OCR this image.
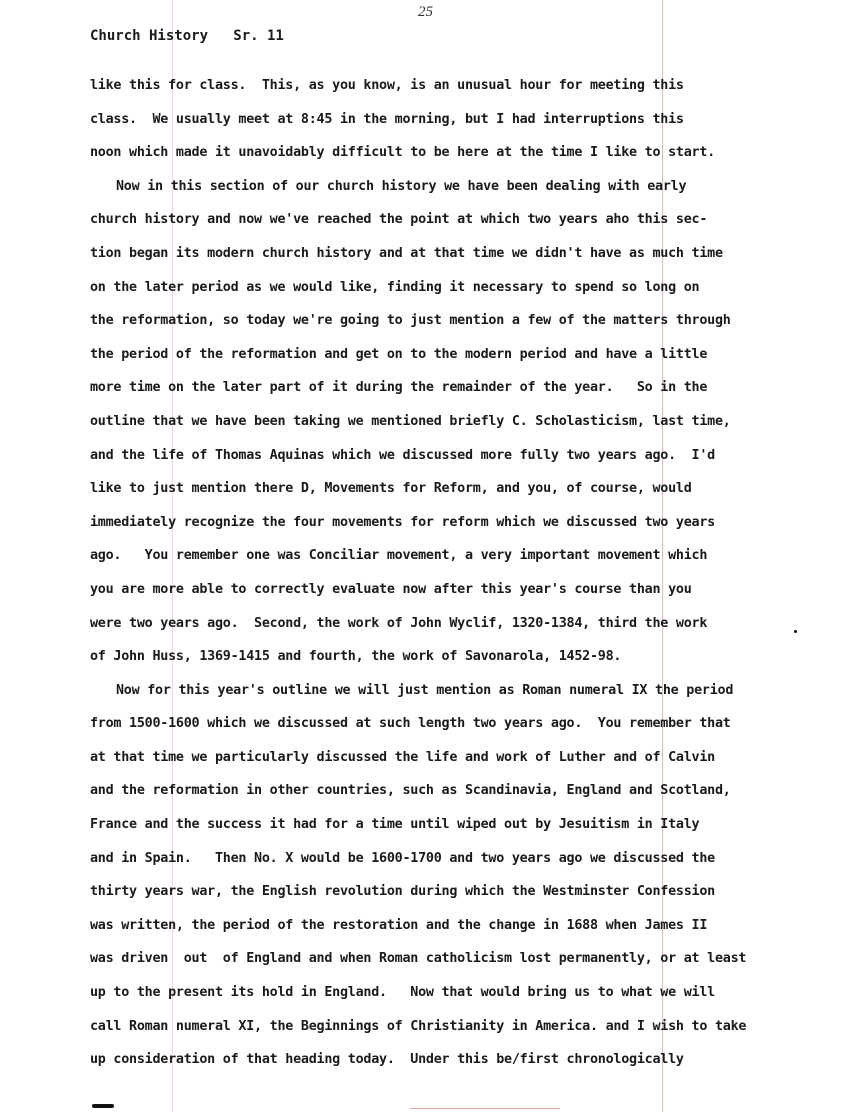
25
Church History   Sr. 11
like this for class.  This, as you know, is an unusual hour for meeting this
class.  We usually meet at 8:45 in the morning, but I had interruptions this
noon which made it unavoidably difficult to be here at the time I like to start.
Now in this section of our church history we have been dealing with early
church history and now we've reached the point at which two years aho this sec-
tion began its modern church history and at that time we didn't have as much time
on the later period as we would like, finding it necessary to spend so long on
the reformation, so today we're going to just mention a few of the matters through
the period of the reformation and get on to the modern period and have a little
more time on the later part of it during the remainder of the year.   So in the
outline that we have been taking we mentioned briefly C. Scholasticism, last time,
and the life of Thomas Aquinas which we discussed more fully two years ago.  I'd
like to just mention there D, Movements for Reform, and you, of course, would
immediately recognize the four movements for reform which we discussed two years
ago.   You remember one was Conciliar movement, a very important movement which
you are more able to correctly evaluate now after this year's course than you
were two years ago.  Second, the work of John Wyclif, 1320-1384, third the work
of John Huss, 1369-1415 and fourth, the work of Savonarola, 1452-98.
Now for this year's outline we will just mention as Roman numeral IX the period
from 1500-1600 which we discussed at such length two years ago.  You remember that
at that time we particularly discussed the life and work of Luther and of Calvin
and the reformation in other countries, such as Scandinavia, England and Scotland,
France and the success it had for a time until wiped out by Jesuitism in Italy
and in Spain.   Then No. X would be 1600-1700 and two years ago we discussed the
thirty years war, the English revolution during which the Westminster Confession
was written, the period of the restoration and the change in 1688 when James II
was driven  out  of England and when Roman catholicism lost permanently, or at least
up to the present its hold in England.   Now that would bring us to what we will
call Roman numeral XI, the Beginnings of Christianity in America. and I wish to take
up consideration of that heading today.  Under this be/first chronologically
